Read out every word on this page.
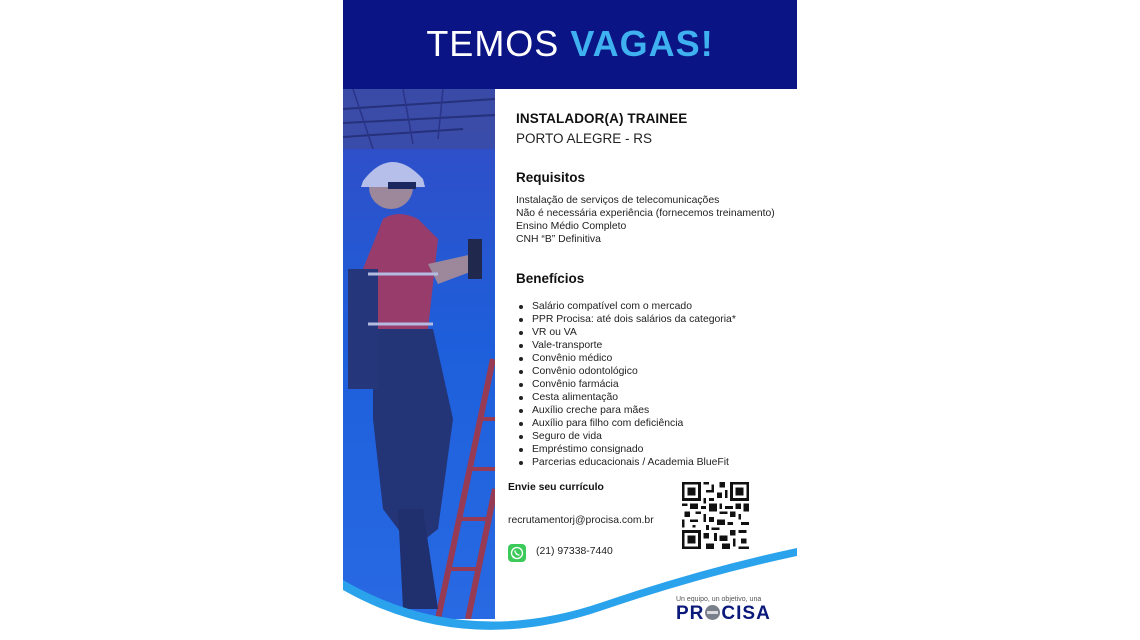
TEMOS VAGAS!
INSTALADOR(A) TRAINEE
PORTO ALEGRE - RS
Requisitos
Instalação de serviços de telecomunicações
Não é necessária experiência (fornecemos treinamento)
Ensino Médio Completo
CNH “B” Definitiva
Benefícios
Salário compatível com o mercado
PPR Procisa: até dois salários da categoria*
VR ou VA
Vale-transporte
Convênio médico
Convênio odontológico
Convênio farmácia
Cesta alimentação
Auxílio creche para mães
Auxílio para filho com deficiência
Seguro de vida
Empréstimo consignado
Parcerias educacionais / Academia BlueFit
Envie seu currículo
recrutamentorj@procisa.com.br
(21) 97338-7440
Un equipo, un objetivo, una
PR CISA
